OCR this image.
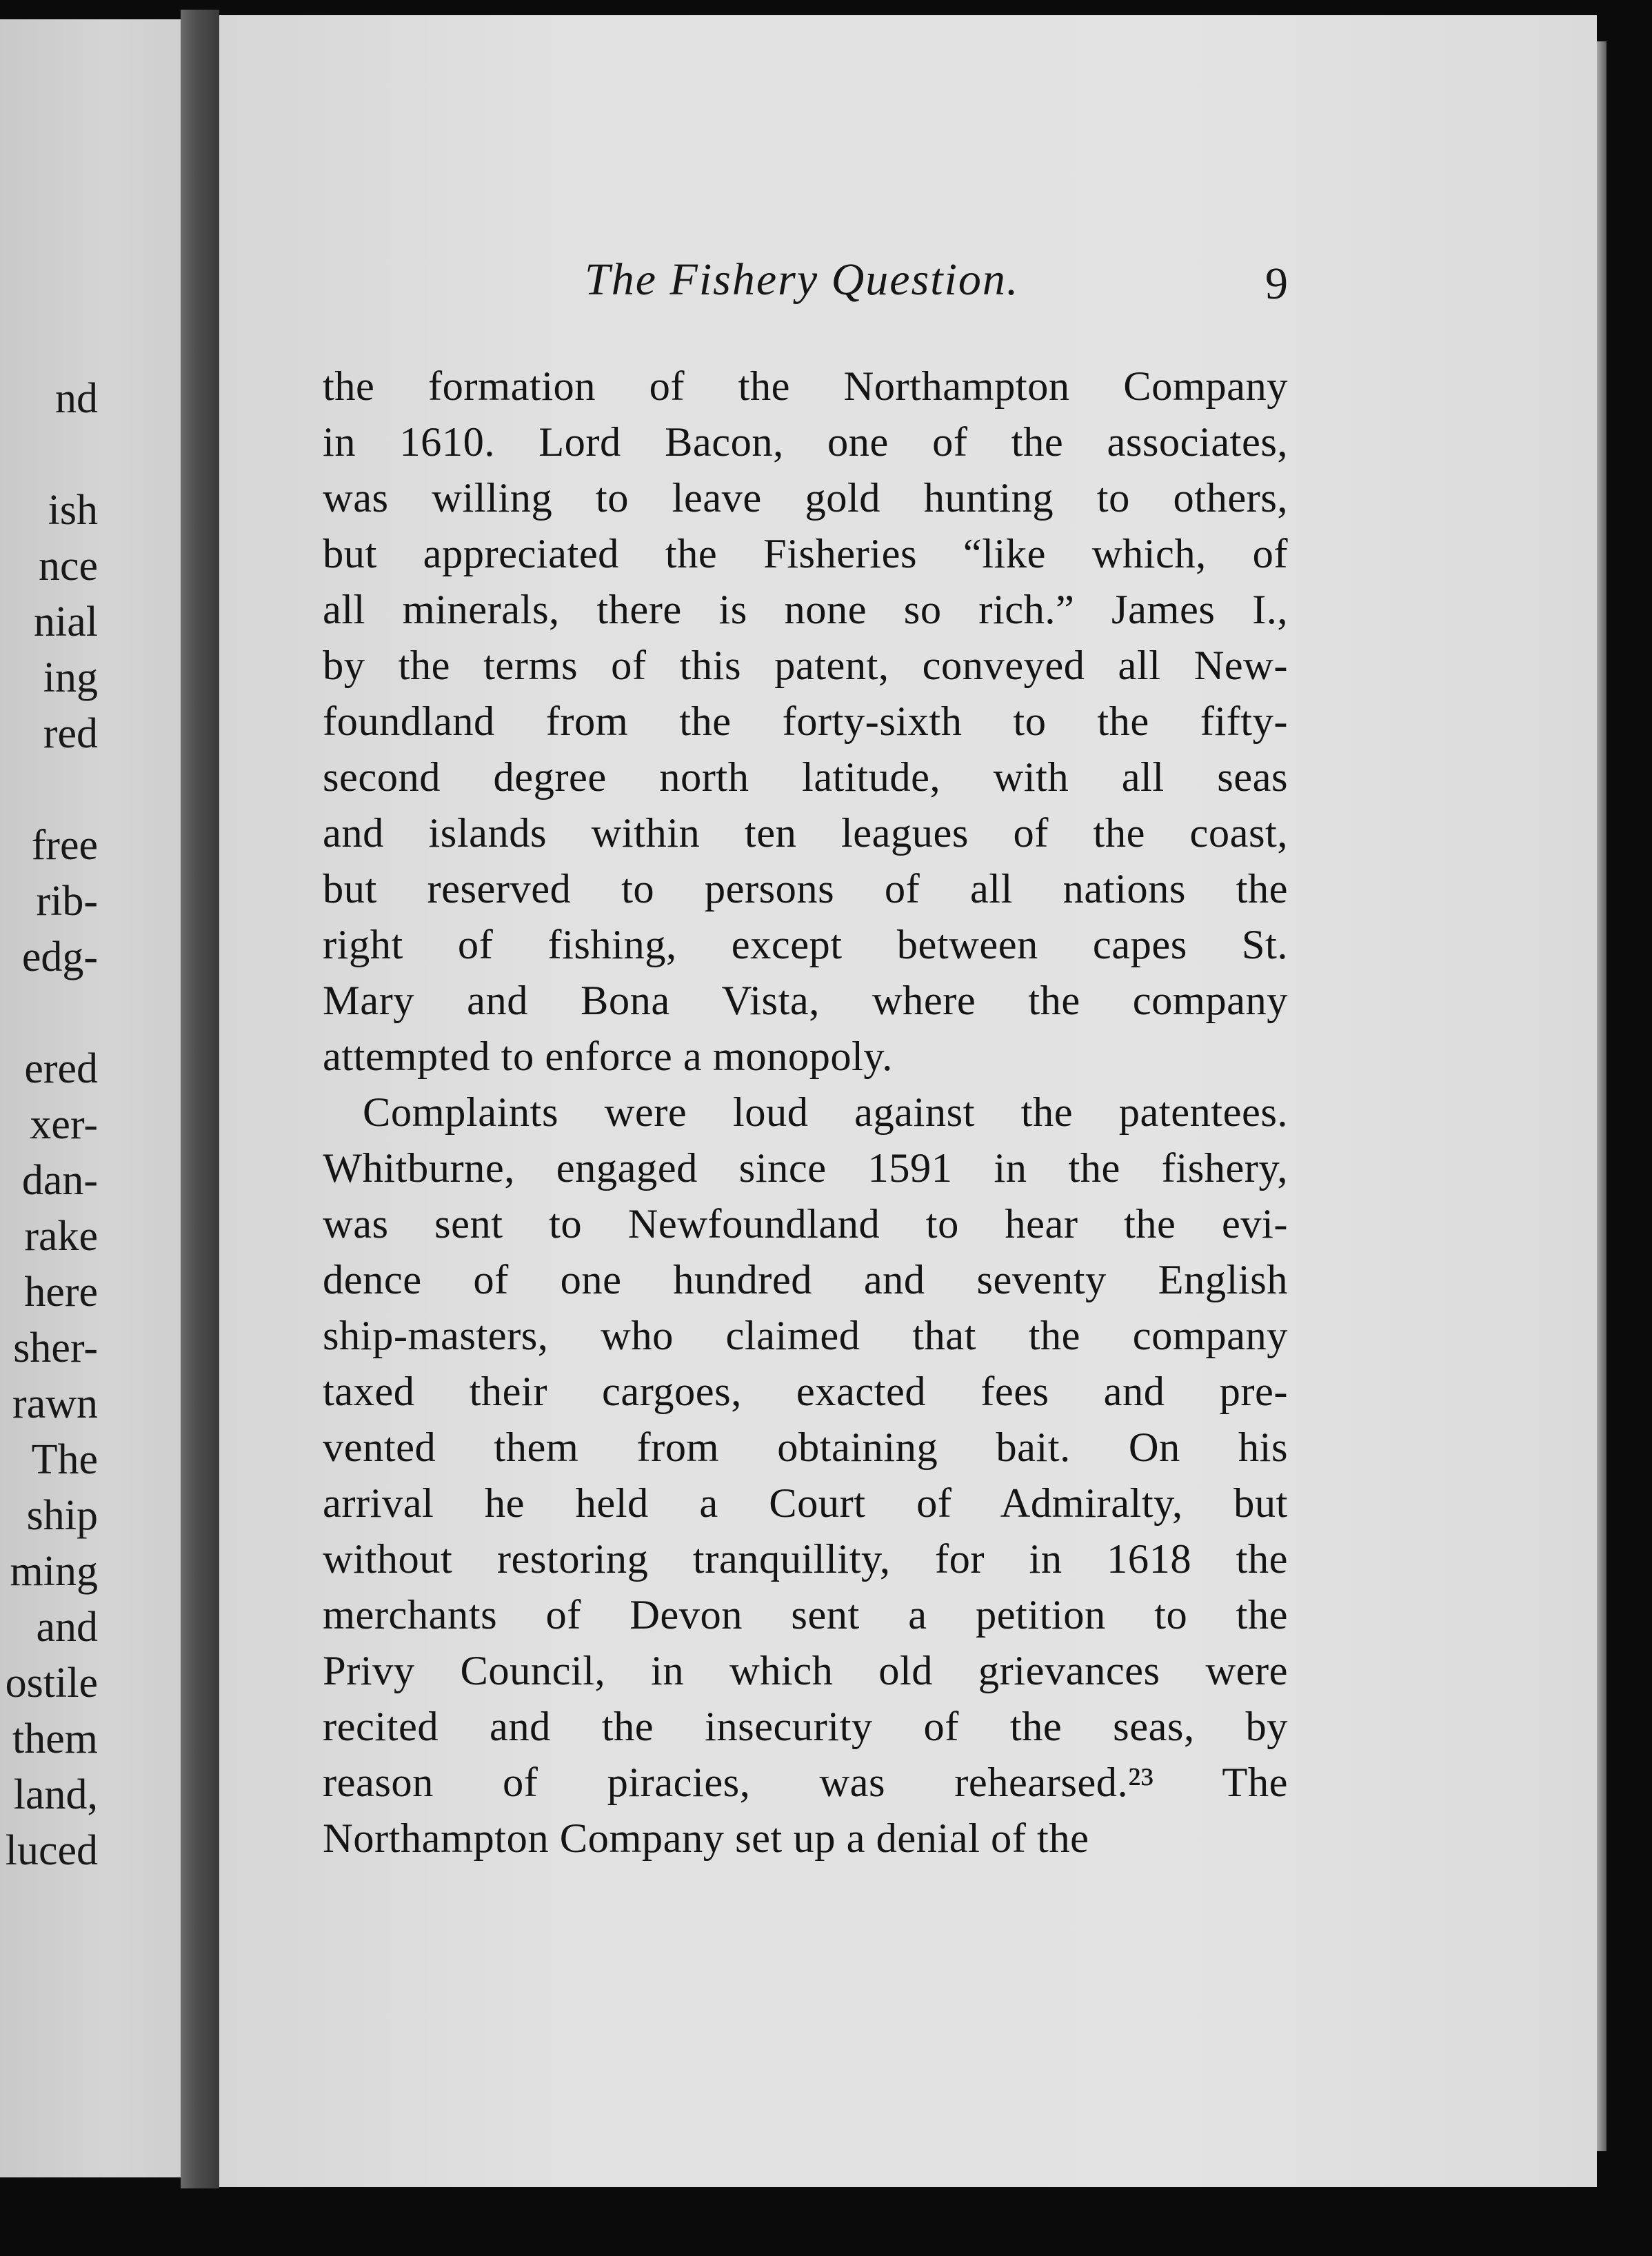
nd
ish
nce
nial
ing
red
free
rib-
edg-
ered
xer-
dan-
rake
here
sher-
rawn
The
ship
ming
and
ostile
them
land,
luced
The Fishery Question.	9
the formation of the Northampton Company
in 1610. Lord Bacon, one of the associates,
was willing to leave gold hunting to others,
but appreciated the Fisheries “like which, of
all minerals, there is none so rich.” James I.,
by the terms of this patent, conveyed all New-
foundland from the forty-sixth to the fifty-
second degree north latitude, with all seas
and islands within ten leagues of the coast,
but reserved to persons of all nations the
right of fishing, except between capes St.
Mary and Bona Vista, where the company
attempted to enforce a monopoly.
Complaints were loud against the patentees.
Whitburne, engaged since 1591 in the fishery,
was sent to Newfoundland to hear the evi-
dence of one hundred and seventy English
ship-masters, who claimed that the company
taxed their cargoes, exacted fees and pre-
vented them from obtaining bait. On his
arrival he held a Court of Admiralty, but
without restoring tranquillity, for in 1618 the
merchants of Devon sent a petition to the
Privy Council, in which old grievances were
recited and the insecurity of the seas, by
reason of piracies, was rehearsed.²³ The
Northampton Company set up a denial of the
